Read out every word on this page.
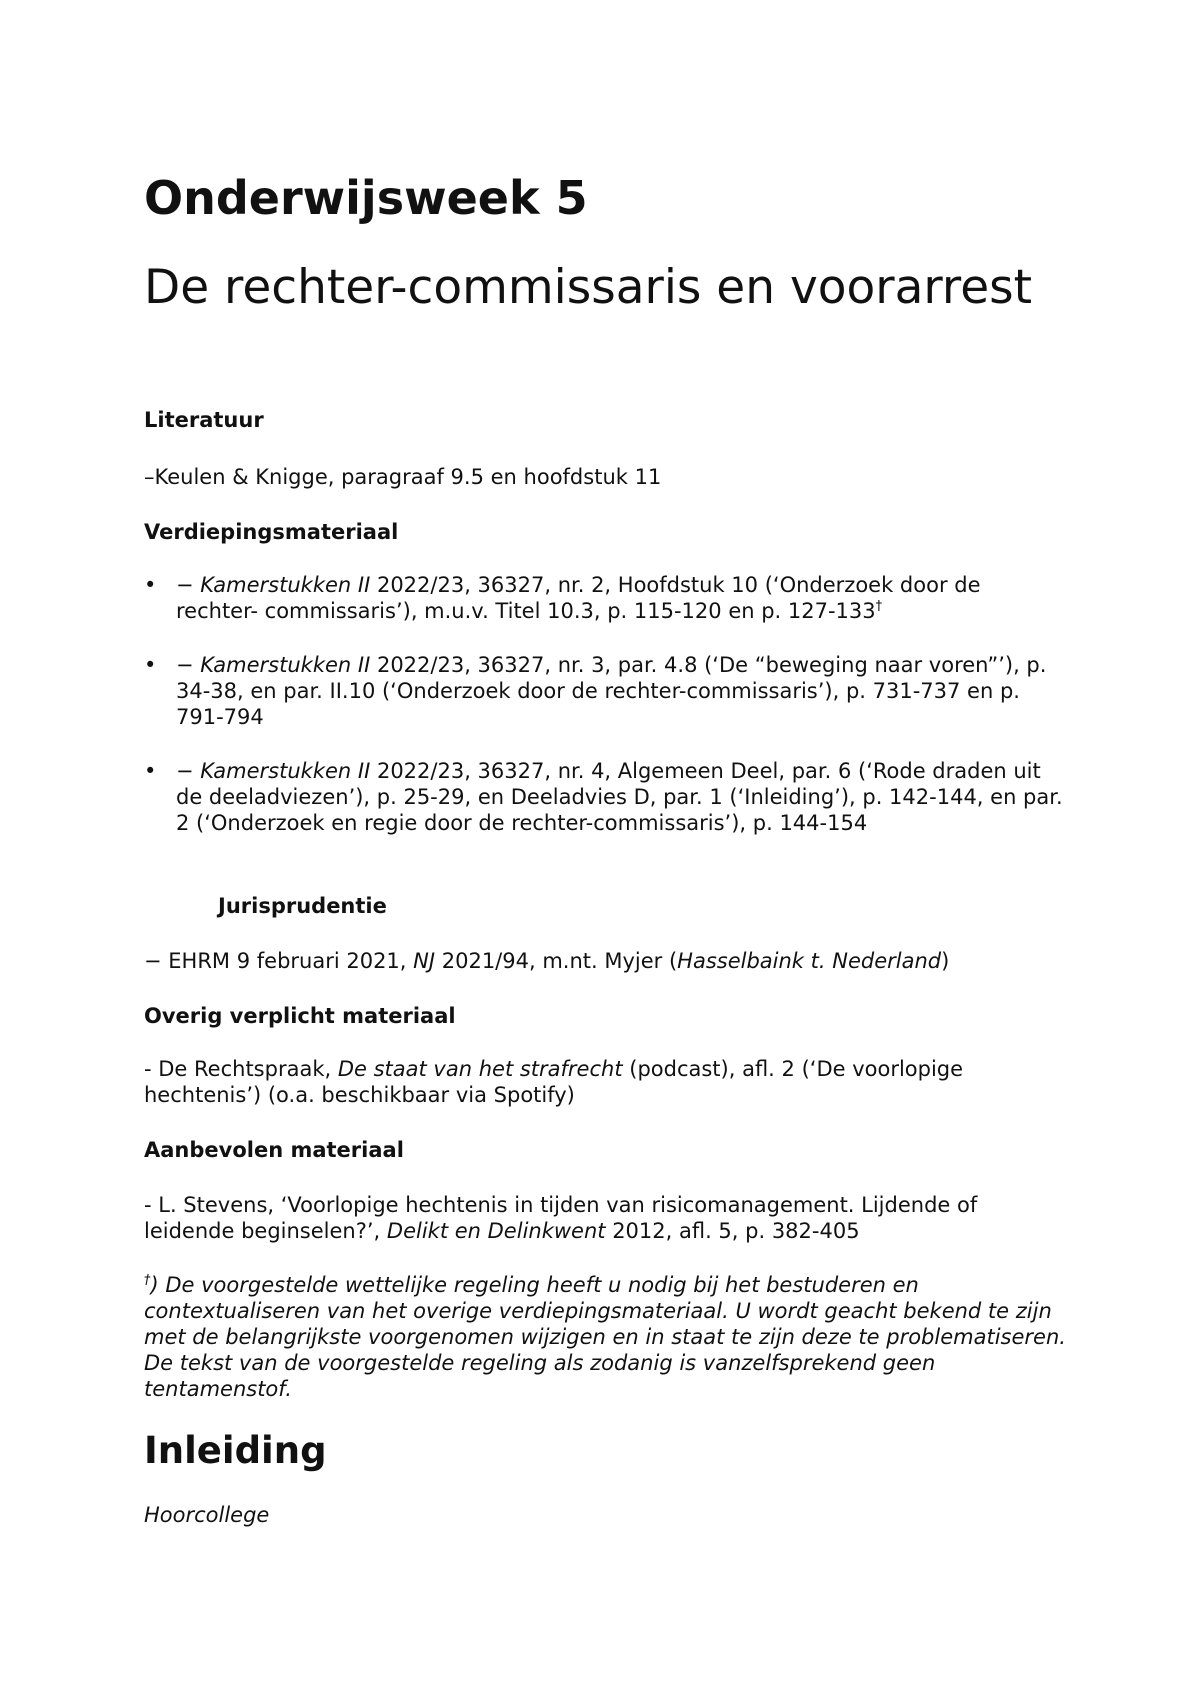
Onderwijsweek 5
De rechter-commissaris en voorarrest
Literatuur

–Keulen & Knigge, paragraaf 9.5 en hoofdstuk 11

Verdiepingsmateriaal
• − Kamerstukken II 2022/23, 36327, nr. 2, Hoofdstuk 10 (‘Onderzoek door de rechter- commissaris’), m.u.v. Titel 10.3, p. 115-120 en p. 127-133†
• − Kamerstukken II 2022/23, 36327, nr. 3, par. 4.8 (‘De “beweging naar voren”’), p. 34-38, en par. II.10 (‘Onderzoek door de rechter-commissaris’), p. 731-737 en p. 791-794
• − Kamerstukken II 2022/23, 36327, nr. 4, Algemeen Deel, par. 6 (‘Rode draden uit de deeladviezen’), p. 25-29, en Deeladvies D, par. 1 (‘Inleiding’), p. 142-144, en par. 2 (‘Onderzoek en regie door de rechter-commissaris’), p. 144-154
Jurisprudentie

− EHRM 9 februari 2021, NJ 2021/94, m.nt. Myjer (Hasselbaink t. Nederland)

Overig verplicht materiaal

- De Rechtspraak, De staat van het strafrecht (podcast), afl. 2 (‘De voorlopige hechtenis’) (o.a. beschikbaar via Spotify)

Aanbevolen materiaal

- L. Stevens, ‘Voorlopige hechtenis in tijden van risicomanagement. Lijdende of leidende beginselen?’, Delikt en Delinkwent 2012, afl. 5, p. 382-405

†) De voorgestelde wettelijke regeling heeft u nodig bij het bestuderen en contextualiseren van het overige verdiepingsmateriaal. U wordt geacht bekend te zijn met de belangrijkste voorgenomen wijzigen en in staat te zijn deze te problematiseren. De tekst van de voorgestelde regeling als zodanig is vanzelfsprekend geen tentamenstof.

Inleiding

Hoorcollege
